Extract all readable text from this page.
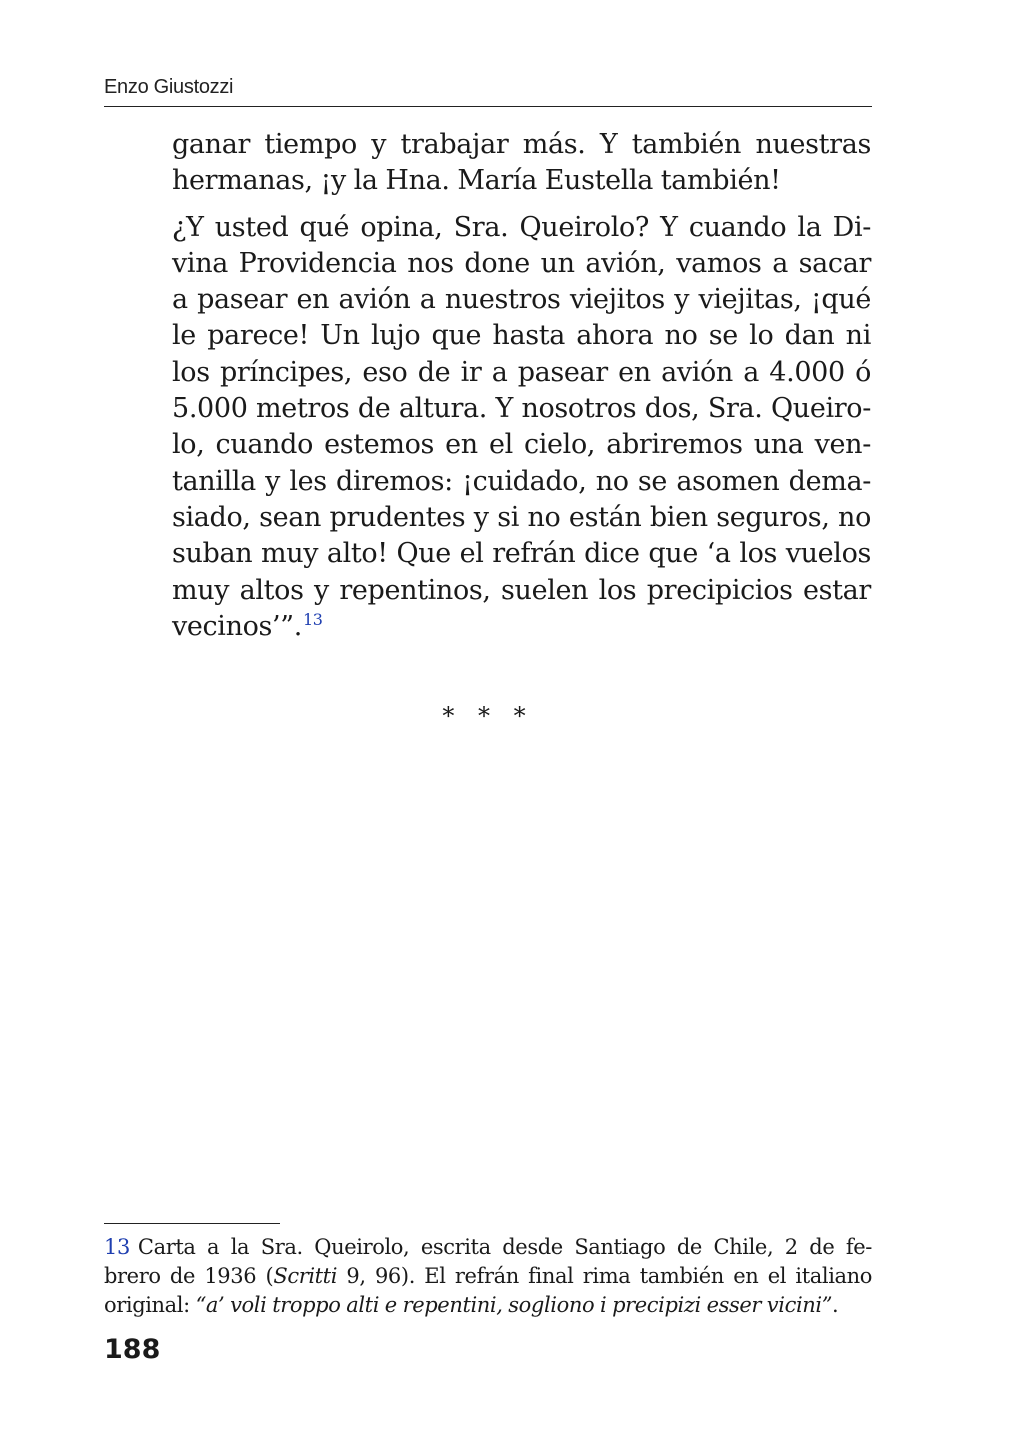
Enzo Giustozzi

ganar tiempo y trabajar más. Y también nuestras
hermanas, ¡y la Hna. María Eustella también!

¿Y usted qué opina, Sra. Queirolo? Y cuando la Di-
vina Providencia nos done un avión, vamos a sacar
a pasear en avión a nuestros viejitos y viejitas, ¡qué
le parece! Un lujo que hasta ahora no se lo dan ni
los príncipes, eso de ir a pasear en avión a 4.000 ó
5.000 metros de altura. Y nosotros dos, Sra. Queiro-
lo, cuando estemos en el cielo, abriremos una ven-
tanilla y les diremos: ¡cuidado, no se asomen dema-
siado, sean prudentes y si no están bien seguros, no
suban muy alto! Que el refrán dice que ‘a los vuelos
muy altos y repentinos, suelen los precipicios estar
vecinos’”.$^{13}$

* * *
13 Carta a la Sra. Queirolo, escrita desde Santiago de Chile, 2 de fe-
brero de 1936 (Scritti 9, 96). El refrán final rima también en el italiano
original: “a’ voli troppo alti e repentini, sogliono i precipizi esser vicini”.
188
